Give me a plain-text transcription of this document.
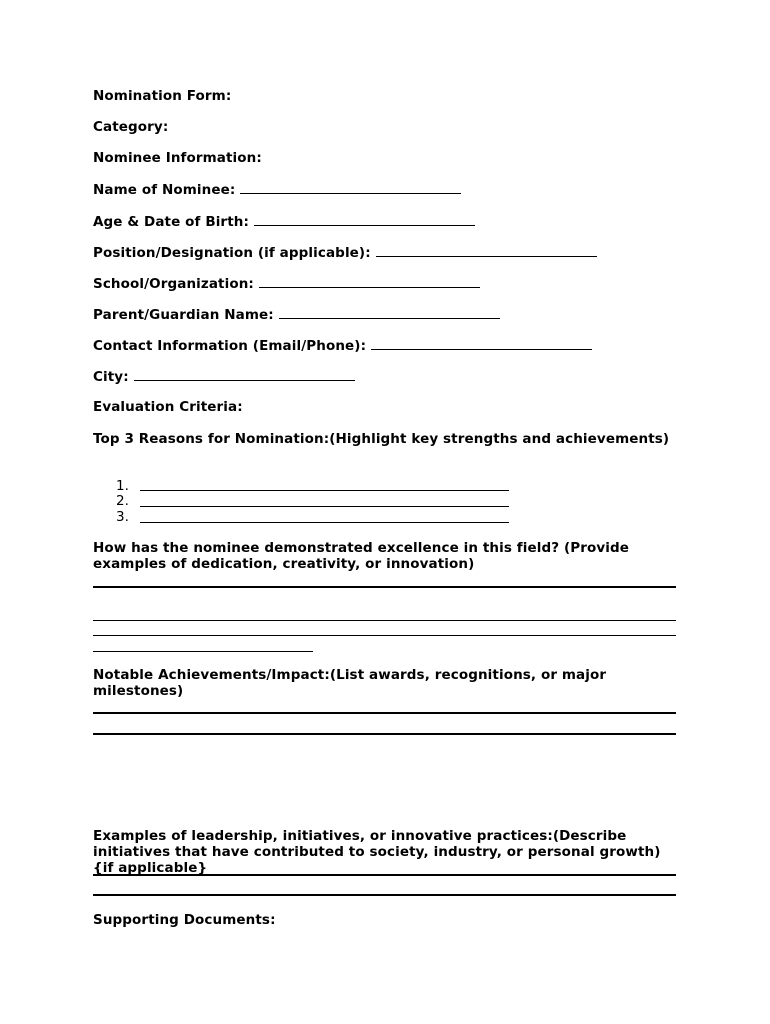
Nomination Form:
Category:
Nominee Information:
Name of Nominee:
Age & Date of Birth:
Position/Designation (if applicable):
School/Organization:
Parent/Guardian Name:
Contact Information (Email/Phone):
City:
Evaluation Criteria:
Top 3 Reasons for Nomination:(Highlight key strengths and achievements)
1.
2.
3.
How has the nominee demonstrated excellence in this field? (Provide examples of dedication, creativity, or innovation)
Notable Achievements/Impact:(List awards, recognitions, or major milestones)
Examples of leadership, initiatives, or innovative practices:(Describe initiatives that have contributed to society, industry, or personal growth) {if applicable}
Supporting Documents:
